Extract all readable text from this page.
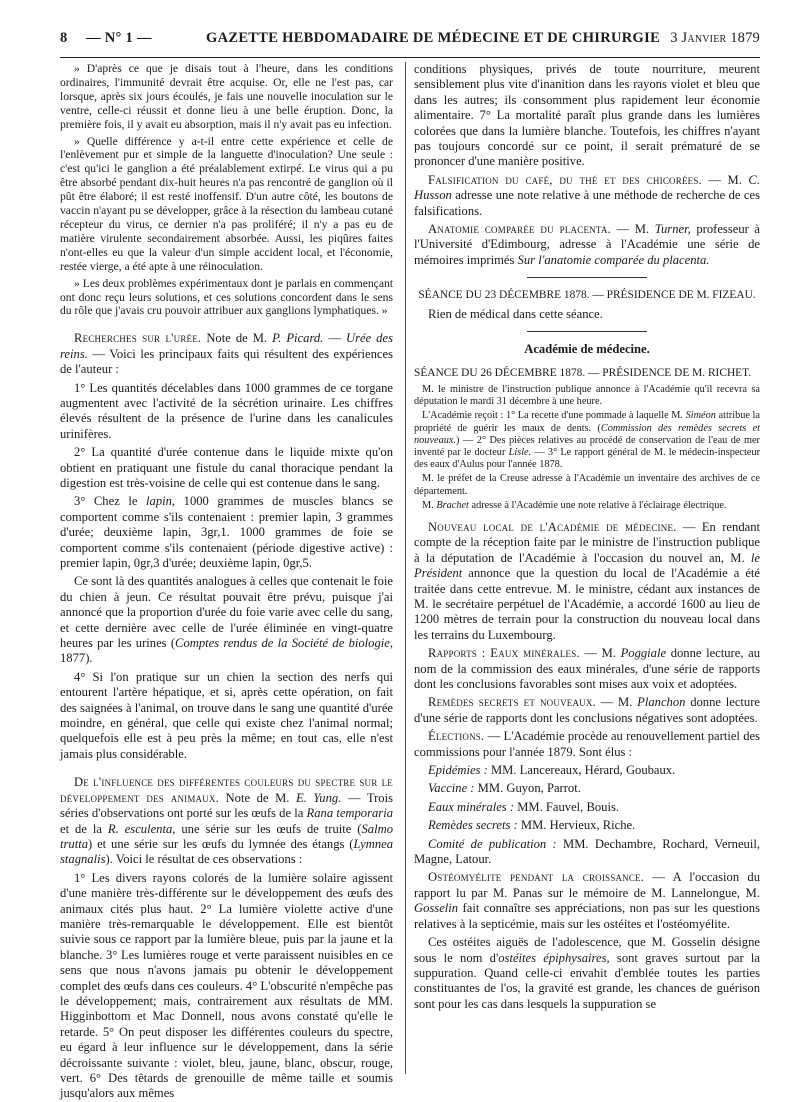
8 — N° 1 —	GAZETTE HEBDOMADAIRE DE MÉDECINE ET DE CHIRURGIE 3 Janvier 1879

» D'après ce que je disais tout à l'heure, dans les conditions ordinaires, l'immunité devrait être acquise. Or, elle ne l'est pas, car lorsque, après six jours écoulés, je fais une nouvelle inoculation sur le ventre, celle-ci réussit et donne lieu à une belle éruption. Donc, la première fois, il y avait eu absorption, mais il n'y avait pas eu infection.

» Quelle différence y a-t-il entre cette expérience et celle de l'enlèvement pur et simple de la languette d'inoculation? Une seule : c'est qu'ici le ganglion a été préalablement extirpé. Le virus qui a pu être absorbé pendant dix-huit heures n'a pas rencontré de ganglion où il pût être élaboré; il est resté inoffensif. D'un autre côté, les boutons de vaccin n'ayant pu se développer, grâce à la résection du lambeau cutané récepteur du virus, ce dernier n'a pas proliféré; il n'y a pas eu de matière virulente secondairement absorbée. Aussi, les piqûres faites n'ont-elles eu que la valeur d'un simple accident local, et l'économie, restée vierge, a été apte à une réinoculation.

» Les deux problèmes expérimentaux dont je parlais en commençant ont donc reçu leurs solutions, et ces solutions concordent dans le sens du rôle que j'avais cru pouvoir attribuer aux ganglions lymphatiques. »

Recherches sur l'urée. Note de M. P. Picard. — Urée des reins. — Voici les principaux faits qui résultent des expériences de l'auteur :

1° Les quantités décelables dans 1000 grammes de ce torgane augmentent avec l'activité de la sécrétion urinaire. Les chiffres élevés résultent de la présence de l'urine dans les canalicules urinifères.

2° La quantité d'urée contenue dans le liquide mixte qu'on obtient en pratiquant une fistule du canal thoracique pendant la digestion est très-voisine de celle qui est contenue dans le sang.

3° Chez le lapin, 1000 grammes de muscles blancs se comportent comme s'ils contenaient : premier lapin, 3 grammes d'urée; deuxième lapin, 3gr,1. 1000 grammes de foie se comportent comme s'ils contenaient (période digestive active) : premier lapin, 0gr,3 d'urée; deuxième lapin, 0gr,5.

Ce sont là des quantités analogues à celles que contenait le foie du chien à jeun. Ce résultat pouvait être prévu, puisque j'ai annoncé que la proportion d'urée du foie varie avec celle du sang, et cette dernière avec celle de l'urée éliminée en vingt-quatre heures par les urines (Comptes rendus de la Société de biologie, 1877).

4° Si l'on pratique sur un chien la section des nerfs qui entourent l'artère hépatique, et si, après cette opération, on fait des saignées à l'animal, on trouve dans le sang une quantité d'urée moindre, en général, que celle qui existe chez l'animal normal; quelquefois elle est à peu près la même; en tout cas, elle n'est jamais plus considérable.

De l'influence des différentes couleurs du spectre sur le développement des animaux. Note de M. E. Yung. — Trois séries d'observations ont porté sur les œufs de la Rana temporaria et de la R. esculenta, une série sur les œufs de truite (Salmo trutta) et une série sur les œufs du lymnée des étangs (Lymnea stagnalis). Voici le résultat de ces observations :

1° Les divers rayons colorés de la lumière solaire agissent d'une manière très-différente sur le développement des œufs des animaux cités plus haut. 2° La lumière violette active d'une manière très-remarquable le développement. Elle est bientôt suivie sous ce rapport par la lumière bleue, puis par la jaune et la blanche. 3° Les lumières rouge et verte paraissent nuisibles en ce sens que nous n'avons jamais pu obtenir le développement complet des œufs dans ces couleurs. 4° L'obscurité n'empêche pas le développement; mais, contrairement aux résultats de MM. Higginbottom et Mac Donnell, nous avons constaté qu'elle le retarde. 5° On peut disposer les différentes couleurs du spectre, eu égard à leur influence sur le développement, dans la série décroissante suivante : violet, bleu, jaune, blanc, obscur, rouge, vert. 6° Des têtards de grenouille de même taille et soumis jusqu'alors aux mêmes

conditions physiques, privés de toute nourriture, meurent sensiblement plus vite d'inanition dans les rayons violet et bleu que dans les autres; ils consomment plus rapidement leur économie alimentaire. 7° La mortalité paraît plus grande dans les lumières colorées que dans la lumière blanche. Toutefois, les chiffres n'ayant pas toujours concordé sur ce point, il serait prématuré de se prononcer d'une manière positive.

Falsification du café, du thé et des chicorées. — M. C. Husson adresse une note relative à une méthode de recherche de ces falsifications.

Anatomie comparée du placenta. — M. Turner, professeur à l'Université d'Edimbourg, adresse à l'Académie une série de mémoires imprimés Sur l'anatomie comparée du placenta.

SÉANCE DU 23 DÉCEMBRE 1878. — PRÉSIDENCE DE M. FIZEAU.

Rien de médical dans cette séance.

Académie de médecine.

SÉANCE DU 26 DÉCEMBRE 1878. — PRÉSIDENCE DE M. RICHET.

M. le ministre de l'instruction publique annonce à l'Académie qu'il recevra sa députation le mardi 31 décembre à une heure.

L'Académie reçoit : 1° La recette d'une pommade à laquelle M. Siméon attribue la propriété de guérir les maux de dents. (Commission des remèdes secrets et nouveaux.) — 2° Des pièces relatives au procédé de conservation de l'eau de mer inventé par le docteur Lisle. — 3° Le rapport général de M. le médecin-inspecteur des eaux d'Aulus pour l'année 1878.

M. le préfet de la Creuse adresse à l'Académie un inventaire des archives de ce département.

M. Brachet adresse à l'Académie une note relative à l'éclairage électrique.

Nouveau local de l'Académie de médecine. — En rendant compte de la réception faite par le ministre de l'instruction publique à la députation de l'Académie à l'occasion du nouvel an, M. le Président annonce que la question du local de l'Académie a été traitée dans cette entrevue. M. le ministre, cédant aux instances de M. le secrétaire perpétuel de l'Académie, a accordé 1600 au lieu de 1200 mètres de terrain pour la construction du nouveau local dans les terrains du Luxembourg.

Rapports : Eaux minérales. — M. Poggiale donne lecture, au nom de la commission des eaux minérales, d'une série de rapports dont les conclusions favorables sont mises aux voix et adoptées.

Remèdes secrets et nouveaux. — M. Planchon donne lecture d'une série de rapports dont les conclusions négatives sont adoptées.

Élections. — L'Académie procède au renouvellement partiel des commissions pour l'année 1879. Sont élus :

Epidémies : MM. Lancereaux, Hérard, Goubaux.

Vaccine : MM. Guyon, Parrot.

Eaux minérales : MM. Fauvel, Bouis.

Remèdes secrets : MM. Hervieux, Riche.

Comité de publication : MM. Dechambre, Rochard, Verneuil, Magne, Latour.

Ostéomyélite pendant la croissance. — A l'occasion du rapport lu par M. Panas sur le mémoire de M. Lannelongue, M. Gosselin fait connaître ses appréciations, non pas sur les questions relatives à la septicémie, mais sur les ostéites et l'ostéomyélite.

Ces ostéites aiguës de l'adolescence, que M. Gosselin désigne sous le nom d'ostéites épiphysaires, sont graves surtout par la suppuration. Quand celle-ci envahit d'emblée toutes les parties constituantes de l'os, la gravité est grande, les chances de guérison sont pour les cas dans lesquels la suppuration se
